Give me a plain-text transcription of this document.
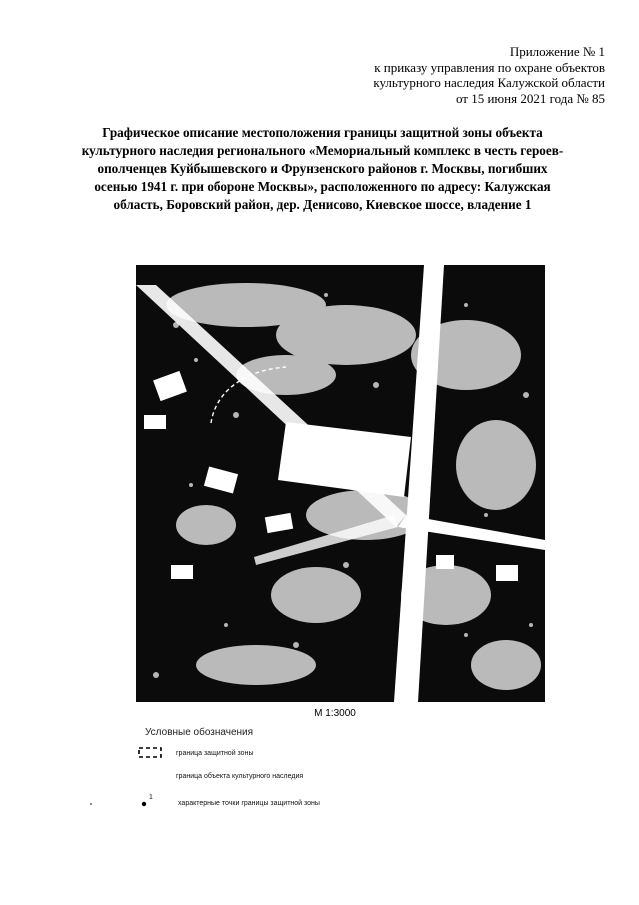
Приложение № 1
к приказу управления по охране объектов
культурного наследия Калужской области
от 15 июня 2021 года № 85
Графическое описание местоположения границы защитной зоны объекта
культурного наследия регионального «Мемориальный комплекс в честь героев-
ополченцев Куйбышевского и Фрунзенского районов г. Москвы, погибших
осенью 1941 г. при обороне Москвы», расположенного по адресу: Калужская
область, Боровский район, дер. Денисово, Киевское шоссе, владение 1
М 1:3000
Условные обозначения
граница защитной зоны
граница объекта культурного наследия
1
характерные точки границы защитной зоны
